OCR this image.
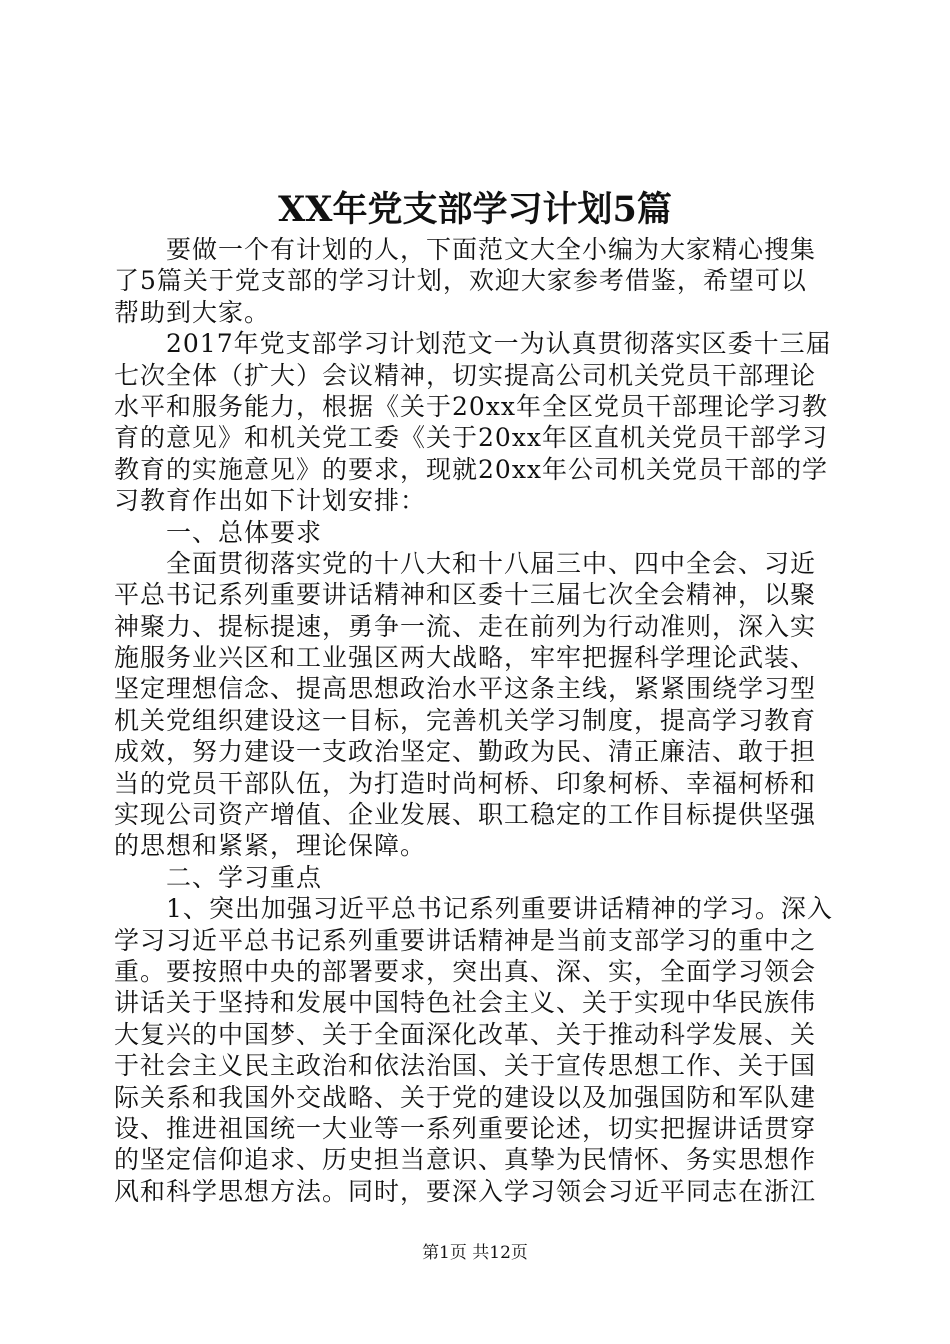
XX年党支部学习计划5篇
　　要做一个有计划的人，下面范文大全小编为大家精心搜集
了5篇关于党支部的学习计划，欢迎大家参考借鉴，希望可以
帮助到大家。
　　2017年党支部学习计划范文一为认真贯彻落实区委十三届
七次全体（扩大）会议精神，切实提高公司机关党员干部理论
水平和服务能力，根据《关于20xx年全区党员干部理论学习教
育的意见》和机关党工委《关于20xx年区直机关党员干部学习
教育的实施意见》的要求，现就20xx年公司机关党员干部的学
习教育作出如下计划安排：
　　一、总体要求
　　全面贯彻落实党的十八大和十八届三中、四中全会、习近
平总书记系列重要讲话精神和区委十三届七次全会精神，以聚
神聚力、提标提速，勇争一流、走在前列为行动准则，深入实
施服务业兴区和工业强区两大战略，牢牢把握科学理论武装、
坚定理想信念、提高思想政治水平这条主线，紧紧围绕学习型
机关党组织建设这一目标，完善机关学习制度，提高学习教育
成效，努力建设一支政治坚定、勤政为民、清正廉洁、敢于担
当的党员干部队伍，为打造时尚柯桥、印象柯桥、幸福柯桥和
实现公司资产增值、企业发展、职工稳定的工作目标提供坚强
的思想和紧紧，理论保障。
　　二、学习重点
　　1、突出加强习近平总书记系列重要讲话精神的学习。深入
学习习近平总书记系列重要讲话精神是当前支部学习的重中之
重。要按照中央的部署要求，突出真、深、实，全面学习领会
讲话关于坚持和发展中国特色社会主义、关于实现中华民族伟
大复兴的中国梦、关于全面深化改革、关于推动科学发展、关
于社会主义民主政治和依法治国、关于宣传思想工作、关于国
际关系和我国外交战略、关于党的建设以及加强国防和军队建
设、推进祖国统一大业等一系列重要论述，切实把握讲话贯穿
的坚定信仰追求、历史担当意识、真挚为民情怀、务实思想作
风和科学思想方法。同时，要深入学习领会习近平同志在浙江
第1页 共12页
